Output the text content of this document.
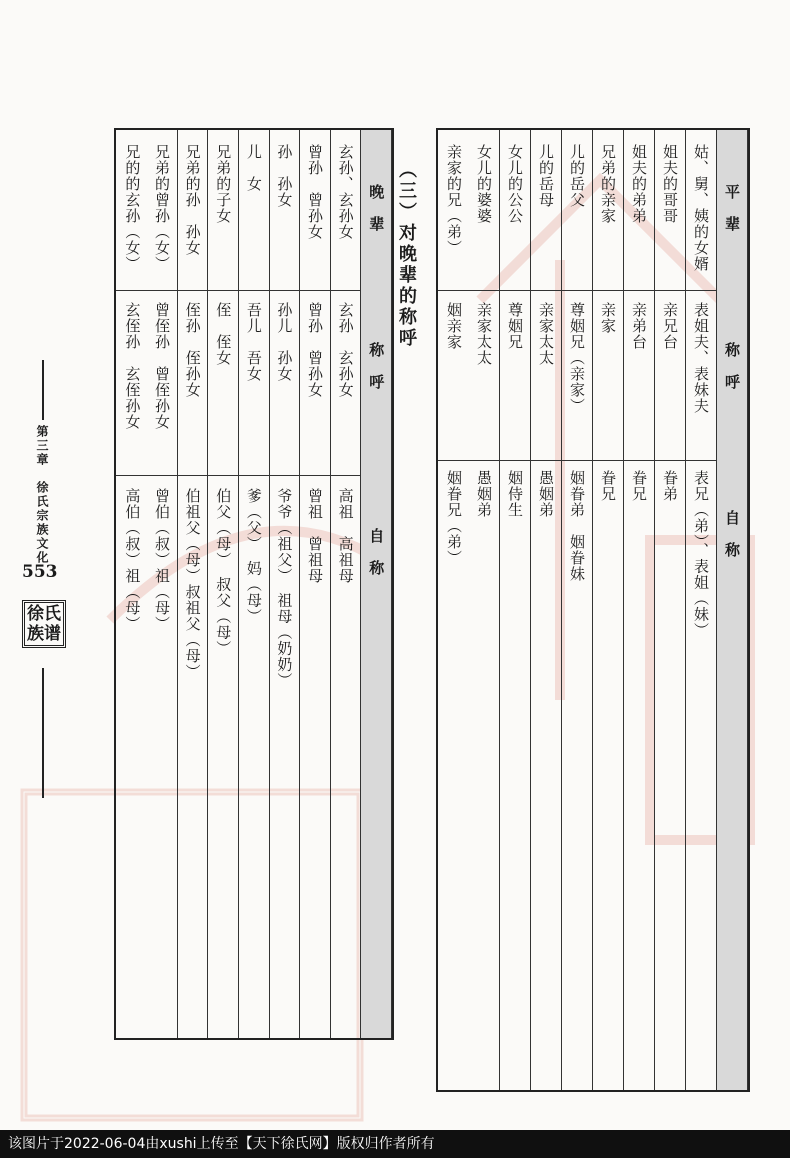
平　辈
称　呼
自　称
姑、舅、姨的女婿
表姐夫、表妹夫
表兄（弟）、表姐（妹）
姐夫的哥哥
亲兄台
眷弟
姐夫的弟弟
亲弟台
眷兄
兄弟的亲家
亲家
眷兄
儿的岳父
尊姻兄（亲家）
姻眷弟　姻眷妹
儿的岳母
亲家太太
愚姻弟
女儿的公公
尊姻兄
姻侍生
女儿的婆婆
亲家太太
愚姻弟
亲家的兄（弟）
姻亲家
姻眷兄（弟）
（三）对晚辈的称呼
晚　辈
称　呼
自　称
玄孙、玄孙女
玄孙　玄孙女
高祖　高祖母
曾孙　曾孙女
曾孙　曾孙女
曾祖　曾祖母
孙　孙女
孙儿　孙女
爷爷（祖父）　祖母（奶奶）
儿　女
吾儿　吾女
爹（父）　妈（母）
兄弟的子女
侄　侄女
伯父（母）　叔父（母）
兄弟的孙　孙女
侄孙　侄孙女
伯祖父（母）叔祖父（母）
兄弟的曾孙（女）
曾侄孙　曾侄孙女
曾伯（叔）祖（母）
兄的的玄孙（女）
玄侄孙　玄侄孙女
高伯（叔）祖（母）
第三章　徐氏宗族文化
553
徐氏族谱
该图片于2022-06-04由xushi上传至【天下徐氏网】版权归作者所有
